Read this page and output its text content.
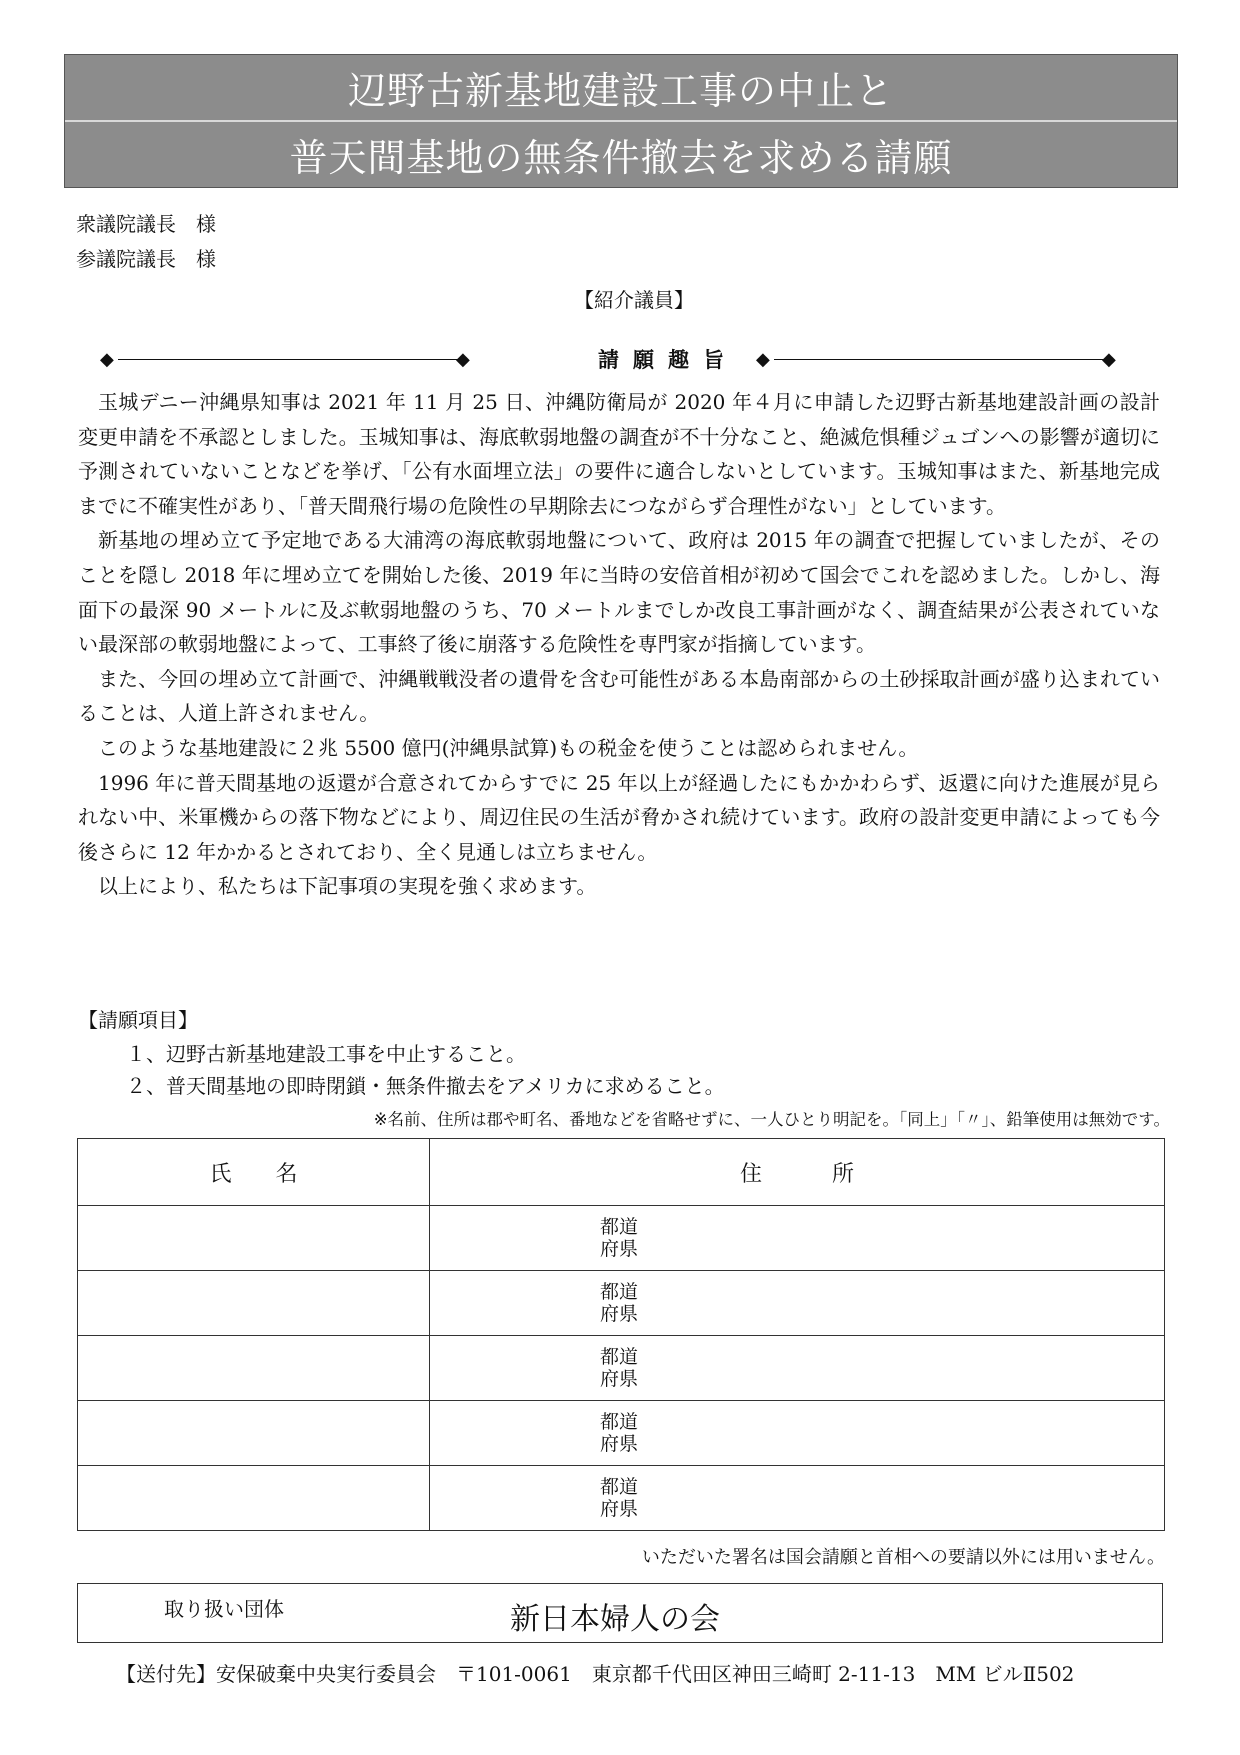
辺野古新基地建設工事の中止と
普天間基地の無条件撤去を求める請願
衆議院議長　様
参議院議長　様
【紹介議員】
◆	◆	請願趣旨	◆	◆

玉城デニー沖縄県知事は 2021 年 11 月 25 日、沖縄防衛局が 2020 年４月に申請した辺野古新基地建設計画の設計変更申請を不承認としました。玉城知事は、海底軟弱地盤の調査が不十分なこと、絶滅危惧種ジュゴンへの影響が適切に予測されていないことなどを挙げ、「公有水面埋立法」の要件に適合しないとしています。玉城知事はまた、新基地完成までに不確実性があり、「普天間飛行場の危険性の早期除去につながらず合理性がない」としています。

新基地の埋め立て予定地である大浦湾の海底軟弱地盤について、政府は 2015 年の調査で把握していましたが、そのことを隠し 2018 年に埋め立てを開始した後、2019 年に当時の安倍首相が初めて国会でこれを認めました。しかし、海面下の最深 90 メートルに及ぶ軟弱地盤のうち、70 メートルまでしか改良工事計画がなく、調査結果が公表されていない最深部の軟弱地盤によって、工事終了後に崩落する危険性を専門家が指摘しています。

また、今回の埋め立て計画で、沖縄戦戦没者の遺骨を含む可能性がある本島南部からの土砂採取計画が盛り込まれていることは、人道上許されません。

このような基地建設に２兆 5500 億円(沖縄県試算)もの税金を使うことは認められません。

1996 年に普天間基地の返還が合意されてからすでに 25 年以上が経過したにもかかわらず、返還に向けた進展が見られない中、米軍機からの落下物などにより、周辺住民の生活が脅かされ続けています。政府の設計変更申請によっても今後さらに 12 年かかるとされており、全く見通しは立ちません。

以上により、私たちは下記事項の実現を強く求めます。

【請願項目】
１、辺野古新基地建設工事を中止すること。
２、普天間基地の即時閉鎖・無条件撤去をアメリカに求めること。
※名前、住所は郡や町名、番地などを省略せずに、一人ひとり明記を。「同上」「〃」、鉛筆使用は無効です。
氏名	住所

	都道
府県

	都道
府県

	都道
府県

	都道
府県

	都道
府県
いただいた署名は国会請願と首相への要請以外には用いません。
取り扱い団体	新日本婦人の会
【送付先】安保破棄中央実行委員会　〒101-0061　東京都千代田区神田三崎町 2-11-13　MM ビルⅡ502
